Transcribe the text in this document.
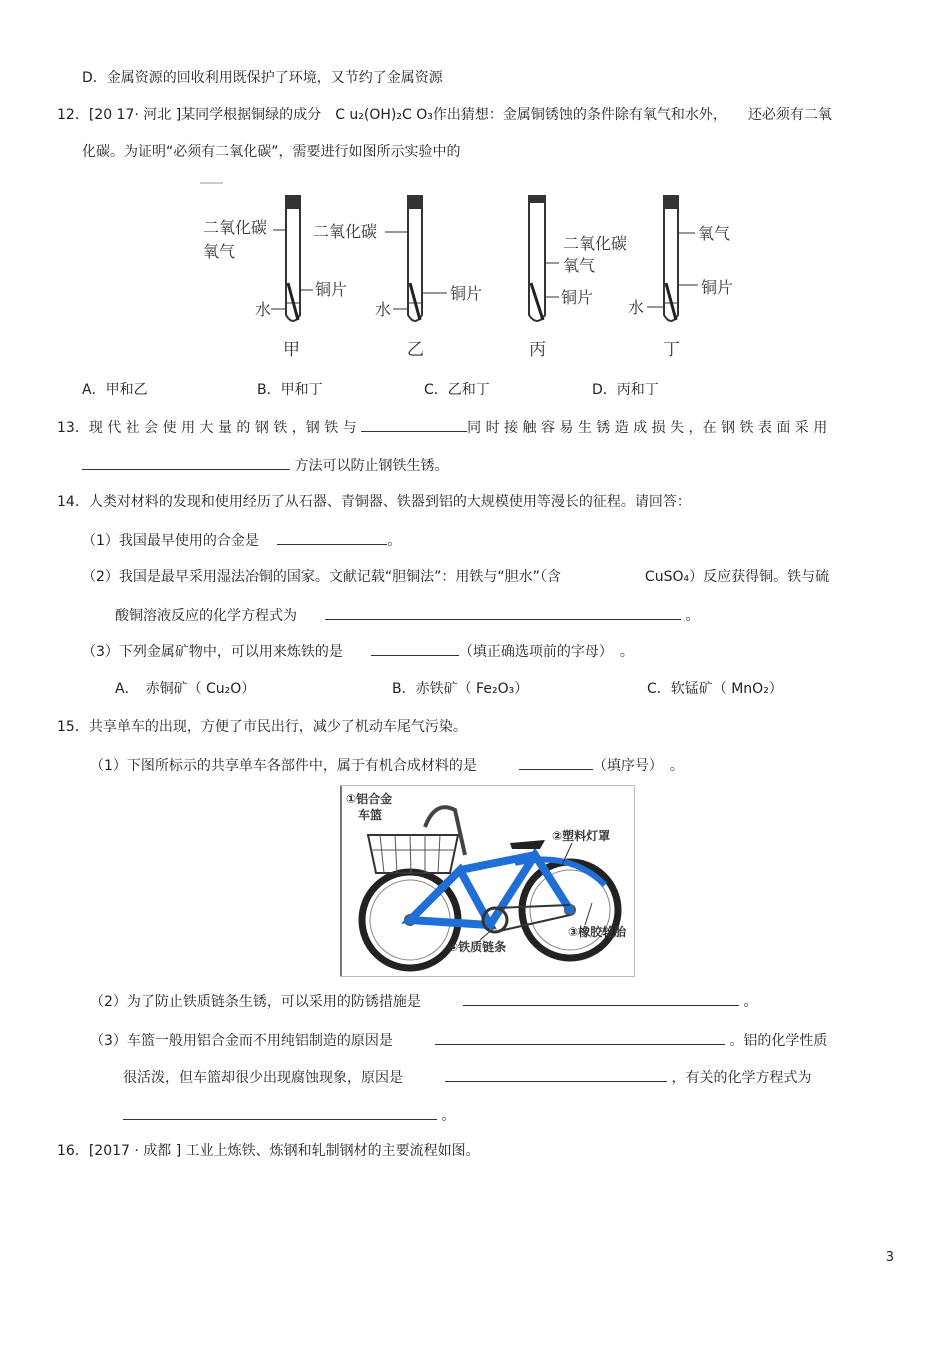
D．金属资源的回收利用既保护了环境，又节约了金属资源
12．[20 17· 河北 ]某同学根据铜绿的成分　 C u₂(OH)₂C O₃作出猜想：金属铜锈蚀的条件除有氧气和水外，　　 还必须有二氧
化碳。为证明“必须有二氧化碳”，需要进行如图所示实验中的
二氧化碳
氧气
水
铜片
甲
二氧化碳
水
铜片
乙
二氧化碳
氧气
铜片
丙
氧气
铜片
水
丁
A．甲和乙	B．甲和丁	C．乙和丁	D．丙和丁
13．现 代 社 会 使 用 大 量 的 钢 铁 ，钢 铁 与	同 时 接 触 容 易 生 锈 造 成 损 失 ，在 钢 铁 表 面 采 用
方法可以防止钢铁生锈。
14．人类对材料的发现和使用经历了从石器、青铜器、铁器到铝的大规模使用等漫长的征程。请回答：
（1）我国最早使用的合金是　	。
（2）我国是最早采用湿法冶铜的国家。文献记载“胆铜法”：用铁与“胆水”（含	CuSO₄）反应获得铜。铁与硫
酸铜溶液反应的化学方程式为　　	。
（3）下列金属矿物中，可以用来炼铁的是　　	（填正确选项前的字母）　。
A．　赤铜矿（ Cu₂O）	B．赤铁矿（ Fe₂O₃）	C．软锰矿（ MnO₂）
15．共享单车的出现，方便了市民出行，减少了机动车尾气污染。
（1）下图所标示的共享单车各部件中，属于有机合成材料的是　　　	（填序号）　。
①铝合金
车篮
②塑料灯罩
③橡胶轮胎
④铁质链条
（2）为了防止铁质链条生锈，可以采用的防锈措施是　　　	。
（3）车篮一般用铝合金而不用纯铝制造的原因是　　　	。铝的化学性质
很活泼，但车篮却很少出现腐蚀现象，原因是　　　	，有关的化学方程式为
。
16．[2017 · 成都 ] 工业上炼铁、炼钢和轧制钢材的主要流程如图。
3
